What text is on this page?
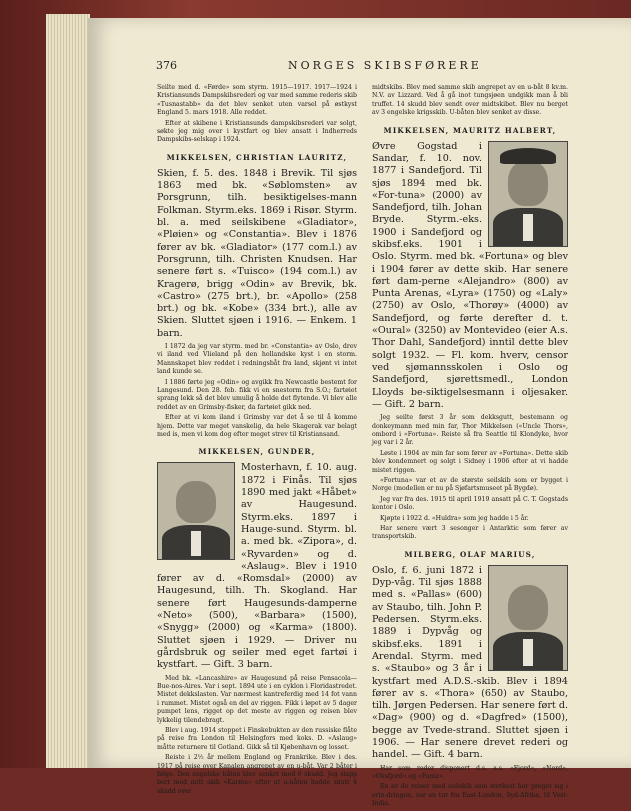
376	NORGES SKIBSFØRERE

Seilte med d. «Førde» som styrm. 1915—1917. 1917—1924 i Kristiansunds Dampskibsrederi og var med samme rederis skib «Tusnastabb» da det blev senket uten varsel på østkyst England 5. mars 1918. Alle reddet.

Efter at skibene i Kristiansunds dampskibsrederi var solgt, søkte jeg mig over i kystfart og blev ansatt i Indherreds Dampskibs-selskap i 1924.

MIKKELSEN, CHRISTIAN LAURITZ,

Skien, f. 5. des. 1848 i Brevik. Til sjøs 1863 med bk. «Søblomsten» av Porsgrunn, tilh. besiktigelses-mann Folkman. Styrm.eks. 1869 i Risør. Styrm. bl. a. med seilskibene «Gladiator», «Pløien» og «Constantia». Blev i 1876 fører av bk. «Gladiator» (177 com.l.) av Porsgrunn, tilh. Christen Knudsen. Har senere ført s. «Tuisco» (194 com.l.) av Kragerø, brigg «Odin» av Brevik, bk. «Castro» (275 brt.), br. «Apollo» (258 brt.) og bk. «Kobe» (334 brt.), alle av Skien. Sluttet sjøen i 1916. — Enkem. 1 barn.

I 1872 da jeg var styrm. med br. «Constantia» av Oslo, drev vi iland ved Vlieland på den hollandske kyst i en storm. Mannskapet blev reddet i redningsbåt fra land, skjønt vi intet land kunde se.

I 1886 førte jeg «Odin» og avgikk fra Newcastle bestemt for Langesund. Den 28. feb. fikk vi en snestorm fra S.O.; fartøiet sprang lekk så det blev umulig å holde det flytende. Vi blev alle reddet av en Grimsby-fisker, da fartøiet gikk ned.

Efter at vi kom iland i Grimsby var det å se til å komme hjem. Dette var meget vanskelig, da hele Skagerak var belagt med is, men vi kom dog efter meget strev til Kristiansand.

MIKKELSEN, GUNDER,

Mosterhavn, f. 10. aug. 1872 i Finås. Til sjøs 1890 med jakt «Håbet» av Haugesund. Styrm.eks. 1897 i Hauge-sund. Styrm. bl. a. med bk. «Zipora», d. «Ryvarden» og d. «Aslaug». Blev i 1910 fører av d. «Romsdal» (2000) av Haugesund, tilh. Th. Skogland. Har senere ført Haugesunds-damperne «Neto» (500), «Barbara» (1500), «Snygg» (2000) og «Karma» (1800). Sluttet sjøen i 1929. — Driver nu gårdsbruk og seiler med eget fartøi i kystfart. — Gift. 3 barn.

Med bk. «Lancashire» av Haugesund på reise Pensacola—Bue-nos-Aires. Var i sept. 1894 ute i en cyklon i Floridastredet. Mistet dekkslasten. Var nærmest kantreferdig med 14 fot vann i rummet. Mistet også en del av riggen. Fikk i løpet av 5 dager pumpet lens, rigget op det meste av riggen og reisen blev lykkelig tilendebragt.

Blev i aug. 1914 stoppet i Finskebukten av den russiske flåte på reise fra London til Helsingfors med koks. D. «Aslaug» måtte returnere til Gotland. Gikk så til Kjøbenhavn og losset.

Reiste i 2½ år mellem England og Frankrike. Blev i des. 1917 på reise over Kanalen angrepet av en u-båt. Var 2 båter i følge. Den engelske båten blev senket med 6 skudd. Jeg slapp bort med mitt skib «Karma» efter at u-båten hadde skutt 4 skudd over

midtskibs. Blev med samme skib angrepet av en u-båt 8 kv.m. N.V. av Lizzard. Ved å gå inot tungsjøen undgikk man å bli truffet. 14 skudd blev sendt over midtskibet. Blev nu berget av 3 engelske krigsskib. U-båten blev senket av disse.

MIKKELSEN, MAURITZ HALBERT,

Øvre Gogstad i Sandar, f. 10. nov. 1877 i Sandefjord. Til sjøs 1894 med bk. «For-tuna» (2000) av Sandefjord, tilh. Johan Bryde. Styrm.-eks. 1900 i Sandefjord og skibsf.eks. 1901 i Oslo. Styrm. med bk. «Fortuna» og blev i 1904 fører av dette skib. Har senere ført dam-perne «Alejandro» (800) av Punta Arenas, «Lyra» (1750) og «Laly» (2750) av Oslo, «Thorøy» (4000) av Sandefjord, og førte derefter d. t. «Oural» (3250) av Montevideo (eier A.s. Thor Dahl, Sandefjord) inntil dette blev solgt 1932. — Fl. kom. hverv, censor ved sjømannsskolen i Oslo og Sandefjord, sjørettsmedl., London Lloyds be-siktigelsesmann i oljesaker. — Gift. 2 barn.

Jeg seilte først 3 år som dekksgutt, bestemann og donkeymann med min far, Thor Mikkelsen («Uncle Thors», ombord i «Fortuna». Reiste så fra Seattle til Klondyke, hvor jeg var i 2 år.

Løste i 1904 av min far som fører av «Fortuna». Dette skib blev kondemnert og solgt i Sidney i 1906 efter at vi hadde mistet riggen.

«Fortuna» var et av de største seilskib som er bygget i Norge (modellen er nu på Sjøfartsmuseet på Bygdø).

Jeg var fra des. 1915 til april 1919 ansatt på C. T. Gogstads kontor i Oslo.

Kjøpte i 1922 d. «Huldra» som jeg hadde i 5 år.

Har senere vært 3 sesonger i Antarktic som fører av transportskib.

MILBERG, OLAF MARIUS,

Oslo, f. 6. juni 1872 i Dyp-våg. Til sjøs 1888 med s. «Pallas» (600) av Staubo, tilh. John P. Pedersen. Styrm.eks. 1889 i Dypvåg og skibsf.eks. 1891 i Arendal. Styrm. med s. «Staubo» og 3 år i kystfart med A.D.S.-skib. Blev i 1894 fører av s. «Thora» (650) av Staubo, tilh. Jørgen Pedersen. Har senere ført d. «Dag» (900) og d. «Dagfred» (1500), begge av Tvede-strand. Sluttet sjøen i 1906. — Har senere drevet rederi og handel. — Gift. 4 barn.

Har som reder disponert d.s. a.s. «Fjord», «Nord», «Oksfjord» og «Fama».

En av de reiser med seilskib som sterkest har preget sig i erin-dringen, var en tur fra East-London, Syd-Afrika, til Vest-India.
